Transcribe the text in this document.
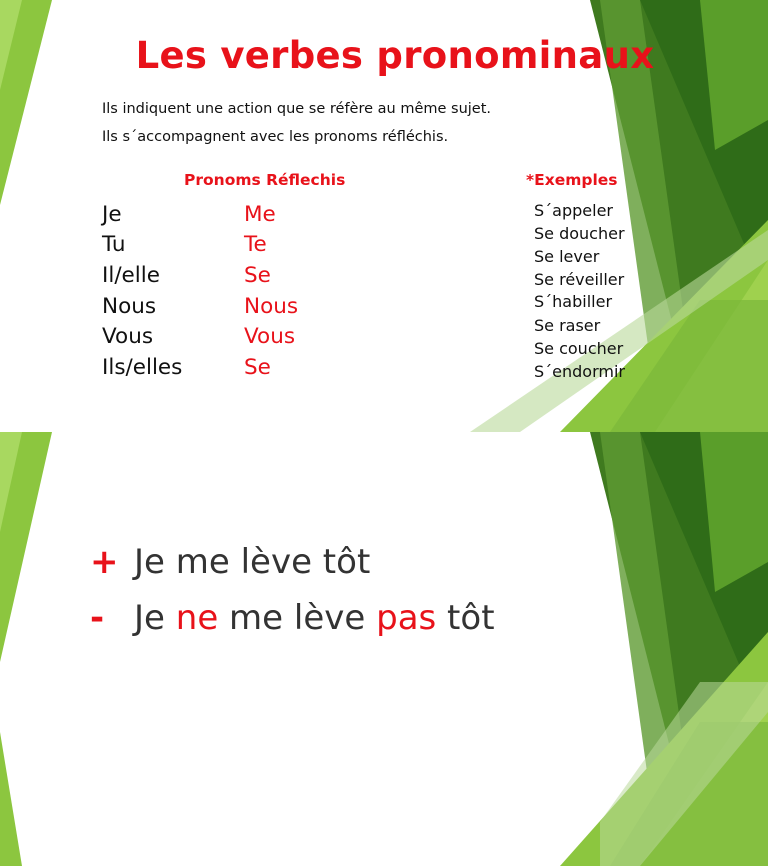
Les verbes pronominaux
Ils indiquent une action que se réfère au même sujet.
Ils s´accompagnent avec les pronoms réfléchis.
Pronoms Réflechis	*Exemples
Je	Me
Tu	Te
Il/elle	Se
Nous	Nous
Vous	Vous
Ils/elles	Se
S´appeler
Se doucher
Se lever
Se réveiller
S´habiller
Se raser
Se coucher
S´endormir
+ Je me lève tôt
- Je ne me lève pas tôt
